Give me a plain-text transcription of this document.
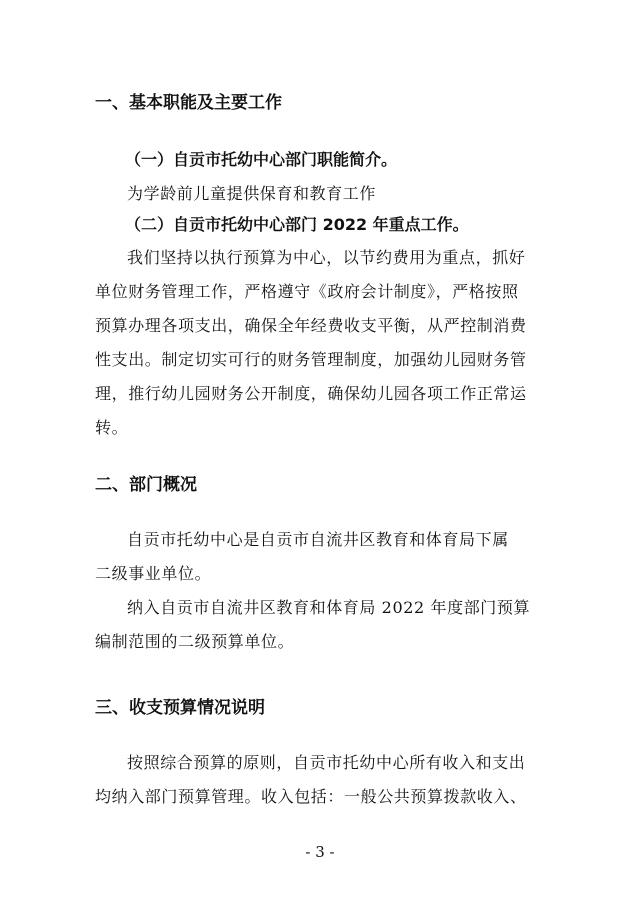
一、基本职能及主要工作
（一）自贡市托幼中心部门职能简介。
为学龄前儿童提供保育和教育工作
（二）自贡市托幼中心部门 2022 年重点工作。
我们坚持以执行预算为中心，以节约费用为重点，抓好
单位财务管理工作，严格遵守《政府会计制度》，严格按照
预算办理各项支出，确保全年经费收支平衡，从严控制消费
性支出。制定切实可行的财务管理制度，加强幼儿园财务管
理，推行幼儿园财务公开制度，确保幼儿园各项工作正常运
转。
二、部门概况
自贡市托幼中心是自贡市自流井区教育和体育局下属
二级事业单位。
纳入自贡市自流井区教育和体育局 2022 年度部门预算
编制范围的二级预算单位。
三、收支预算情况说明
按照综合预算的原则，自贡市托幼中心所有收入和支出
均纳入部门预算管理。收入包括：一般公共预算拨款收入、
- 3 -
